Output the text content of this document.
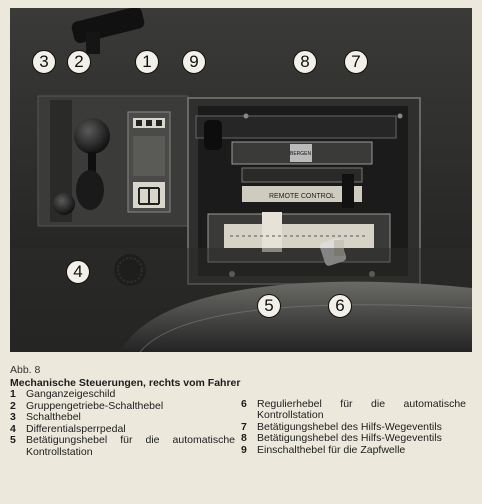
REMOTE CONTROL
3	2	1	9	8	7
4
5	6
Abb. 8
Mechanische Steuerungen, rechts vom Fahrer
1 Ganganzeigeschild
2 Gruppengetriebe-Schalthebel
3 Schalthebel
4 Differentialsperrpedal
5 Betätigungshebel für die automatische Kontrollstation
6 Regulierhebel für die automatische Kontrollstation
7 Betätigungshebel des Hilfs-Wegeventils
8 Betätigungshebel des Hilfs-Wegeventils
9 Einschalthebel für die Zapfwelle
BERGEN
